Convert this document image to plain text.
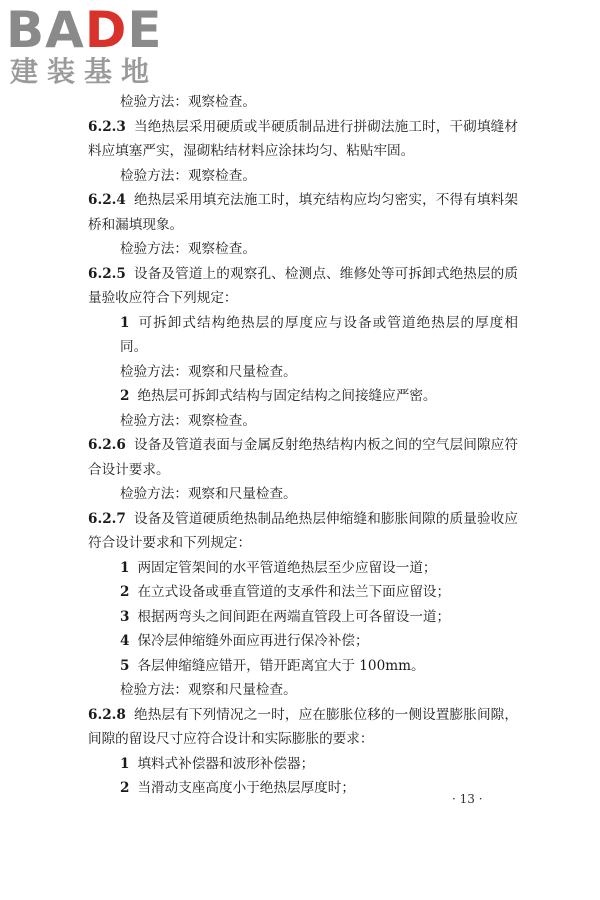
BADE
建装基地

检验方法：观察检查。

6.2.3 当绝热层采用硬质或半硬质制品进行拼砌法施工时，干砌填缝材料应填塞严实，湿砌粘结材料应涂抹均匀、粘贴牢固。

检验方法：观察检查。

6.2.4 绝热层采用填充法施工时，填充结构应均匀密实，不得有填料架桥和漏填现象。

检验方法：观察检查。

6.2.5 设备及管道上的观察孔、检测点、维修处等可拆卸式绝热层的质量验收应符合下列规定：

1 可拆卸式结构绝热层的厚度应与设备或管道绝热层的厚度相同。

检验方法：观察和尺量检查。

2 绝热层可拆卸式结构与固定结构之间接缝应严密。

检验方法：观察检查。

6.2.6 设备及管道表面与金属反射绝热结构内板之间的空气层间隙应符合设计要求。

检验方法：观察和尺量检查。

6.2.7 设备及管道硬质绝热制品绝热层伸缩缝和膨胀间隙的质量验收应符合设计要求和下列规定：

1 两固定管架间的水平管道绝热层至少应留设一道；

2 在立式设备或垂直管道的支承件和法兰下面应留设；

3 根据两弯头之间间距在两端直管段上可各留设一道；

4 保冷层伸缩缝外面应再进行保冷补偿；

5 各层伸缩缝应错开，错开距离宜大于 100mm。

检验方法：观察和尺量检查。

6.2.8 绝热层有下列情况之一时，应在膨胀位移的一侧设置膨胀间隙，间隙的留设尺寸应符合设计和实际膨胀的要求：

1 填料式补偿器和波形补偿器；

2 当滑动支座高度小于绝热层厚度时；

· 13 ·
